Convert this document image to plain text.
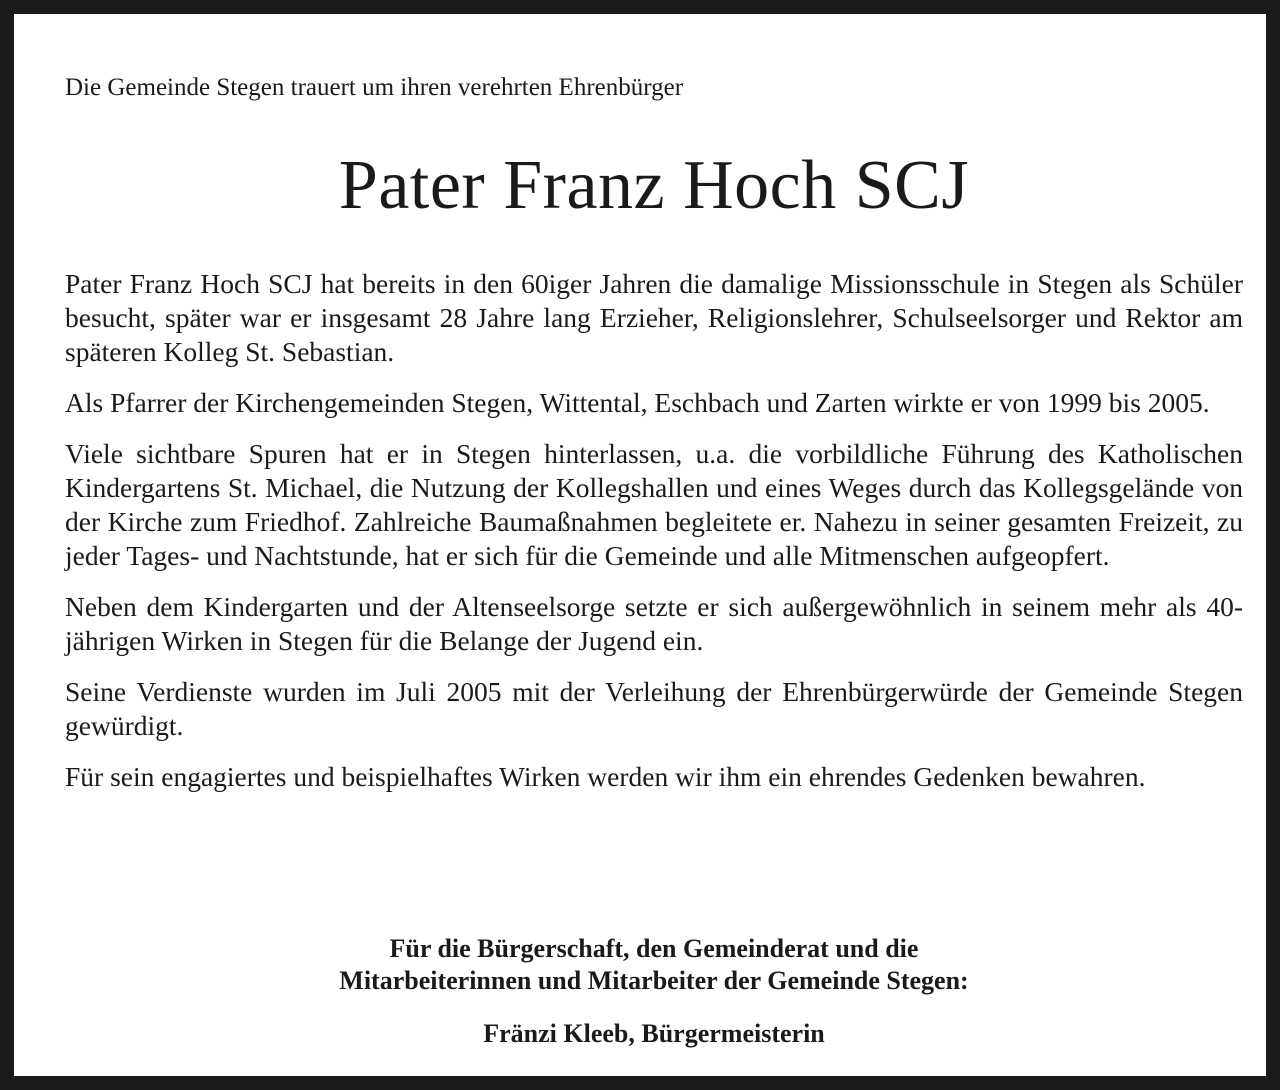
Die Gemeinde Stegen trauert um ihren verehrten Ehrenbürger
Pater Franz Hoch SCJ

Pater Franz Hoch SCJ hat bereits in den 60iger Jahren die damalige Missionsschule in Stegen als Schüler besucht, später war er insgesamt 28 Jahre lang Erzieher, Religionslehrer, Schulseelsorger und Rektor am späteren Kolleg St. Sebastian.

Als Pfarrer der Kirchengemeinden Stegen, Wittental, Eschbach und Zarten wirkte er von 1999 bis 2005.

Viele sichtbare Spuren hat er in Stegen hinterlassen, u.a. die vorbildliche Führung des Katholischen Kindergartens St. Michael, die Nutzung der Kollegshallen und eines Weges durch das Kollegsgelände von der Kirche zum Friedhof. Zahlreiche Baumaßnahmen begleitete er. Nahezu in seiner gesamten Freizeit, zu jeder Tages- und Nachtstunde, hat er sich für die Gemeinde und alle Mitmenschen aufgeopfert.

Neben dem Kindergarten und der Altenseelsorge setzte er sich außergewöhnlich in seinem mehr als 40-jährigen Wirken in Stegen für die Belange der Jugend ein.

Seine Verdienste wurden im Juli 2005 mit der Verleihung der Ehrenbürgerwürde der Gemeinde Stegen gewürdigt.

Für sein engagiertes und beispielhaftes Wirken werden wir ihm ein ehrendes Gedenken bewahren.

Für die Bürgerschaft, den Gemeinderat und die
Mitarbeiterinnen und Mitarbeiter der Gemeinde Stegen:
Fränzi Kleeb, Bürgermeisterin
